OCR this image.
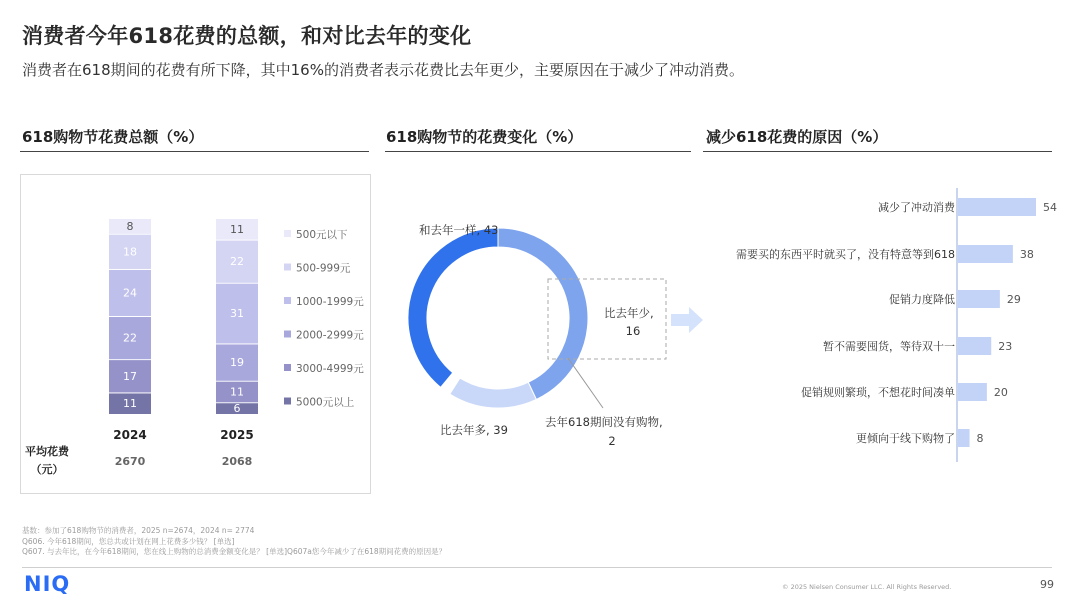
消费者今年618花费的总额，和对比去年的变化
消费者在618期间的花费有所下降，其中16%的消费者表示花费比去年更少，主要原因在于减少了冲动消费。
618购物节花费总额（%）	618购物节的花费变化（%）	减少618花费的原因（%）
11
17
22
24
18
8
2024
2670
6
11
19
31
22
11
2025
2068
平均花费
（元）
500元以下
500-999元
1000-1999元
2000-2999元
3000-4999元
5000元以上
和去年一样, 43
比去年少,
16
去年618期间没有购物,
2
比去年多, 39
减少了冲动消费	54
需要买的东西平时就买了，没有特意等到618	38
促销力度降低	29
暂不需要囤货，等待双十一	23
促销规则繁琐，不想花时间凑单	20
更倾向于线下购物了 8
基数：参加了618购物节的消费者，2025 n=2674，2024 n= 2774
Q606. 今年618期间，您总共或计划在网上花费多少钱？ [单选]
Q607. 与去年比，在今年618期间，您在线上购物的总消费金额变化是？ [单选]Q607a您今年减少了在618期间花费的原因是？
NIQ	© 2025 Nielsen Consumer LLC. All Rights Reserved.	99
